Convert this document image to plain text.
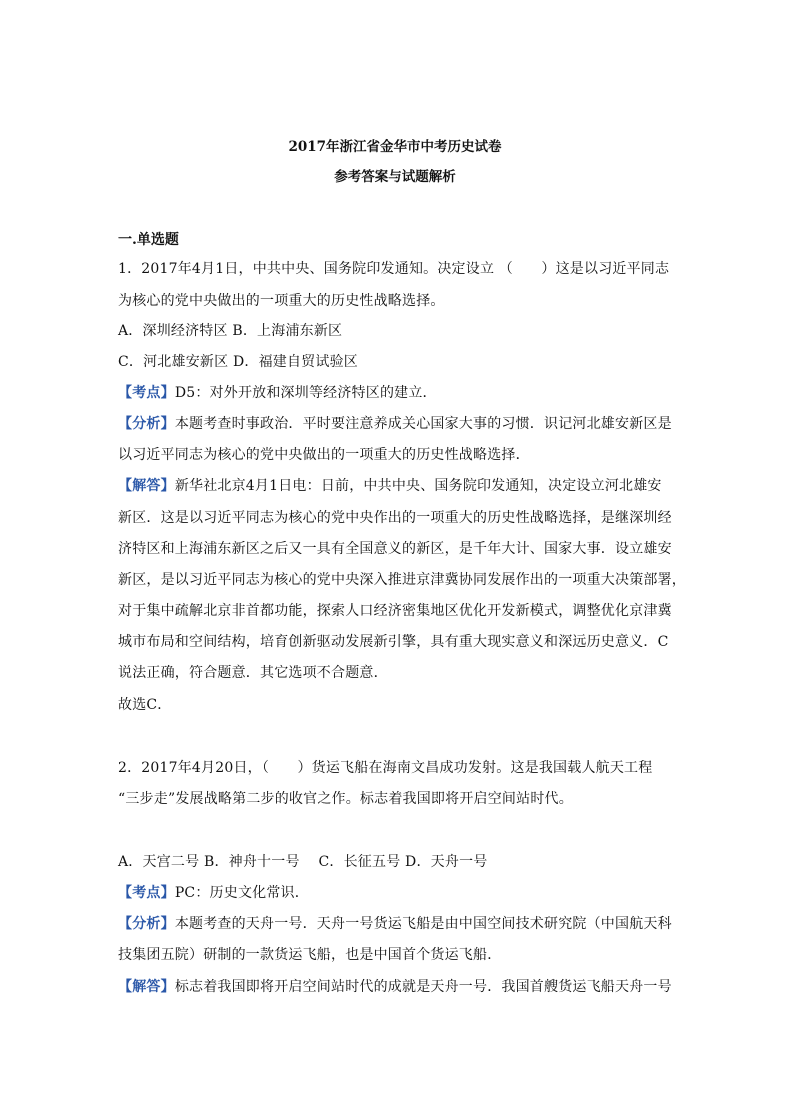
2017年浙江省金华市中考历史试卷
参考答案与试题解析
一.单选题
1．2017年4月1日，中共中央、国务院印发通知。决定设立 （　　）这是以习近平同志
为核心的党中央做出的一项重大的历史性战略选择。
A．深圳经济特区 B．上海浦东新区
C．河北雄安新区 D．福建自贸试验区
【考点】D5：对外开放和深圳等经济特区的建立．
【分析】本题考查时事政治．平时要注意养成关心国家大事的习惯．识记河北雄安新区是
以习近平同志为核心的党中央做出的一项重大的历史性战略选择．
【解答】新华社北京4月1日电：日前，中共中央、国务院印发通知，决定设立河北雄安
新区．这是以习近平同志为核心的党中央作出的一项重大的历史性战略选择，是继深圳经
济特区和上海浦东新区之后又一具有全国意义的新区，是千年大计、国家大事．设立雄安
新区，是以习近平同志为核心的党中央深入推进京津冀协同发展作出的一项重大决策部署，
对于集中疏解北京非首都功能，探索人口经济密集地区优化开发新模式，调整优化京津冀
城市布局和空间结构，培育创新驱动发展新引擎，具有重大现实意义和深远历史意义．C
说法正确，符合题意．其它选项不合题意．
故选C．
2．2017年4月20日，（　　）货运飞船在海南文昌成功发射。这是我国载人航天工程
“三步走”发展战略第二步的收官之作。标志着我国即将开启空间站时代。
A．天宫二号 B．神舟十一号　 C．长征五号 D．天舟一号
【考点】PC：历史文化常识．
【分析】本题考查的天舟一号．天舟一号货运飞船是由中国空间技术研究院（中国航天科
技集团五院）研制的一款货运飞船，也是中国首个货运飞船．
【解答】标志着我国即将开启空间站时代的成就是天舟一号．我国首艘货运飞船天舟一号
